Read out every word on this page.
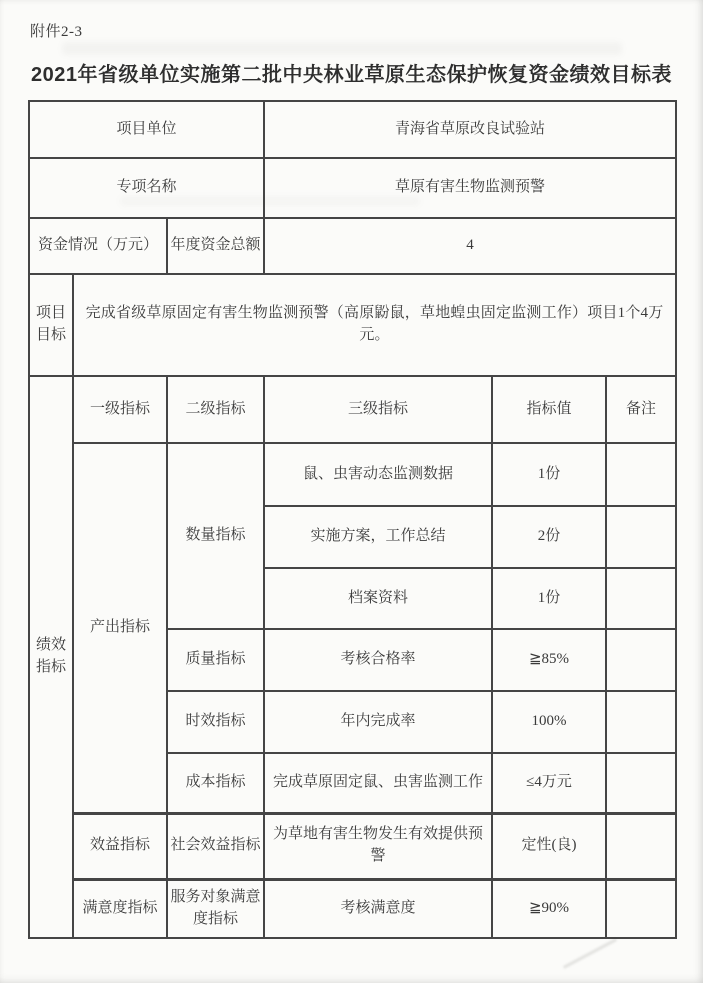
附件2-3
2021年省级单位实施第二批中央林业草原生态保护恢复资金绩效目标表
项目单位			青海省草原改良试验站		
专项名称			草原有害生物监测预警		
资金情况（万元）		年度资金总额	4		
项目目标	完成省级草原固定有害生物监测预警（高原鼢鼠，草地蝗虫固定监测工作）项目1个4万元。				
绩效指标	一级指标	二级指标	三级指标	指标值	备注
	产出指标	数量指标	鼠、虫害动态监测数据	1份	
			实施方案，工作总结	2份	
			档案资料	1份	
		质量指标	考核合格率	≧85%	
		时效指标	年内完成率	100%	
		成本指标	完成草原固定鼠、虫害监测工作	≤4万元	
	效益指标	社会效益指标	为草地有害生物发生有效提供预警	定性(良)	
	满意度指标	服务对象满意度指标	考核满意度	≧90%	
